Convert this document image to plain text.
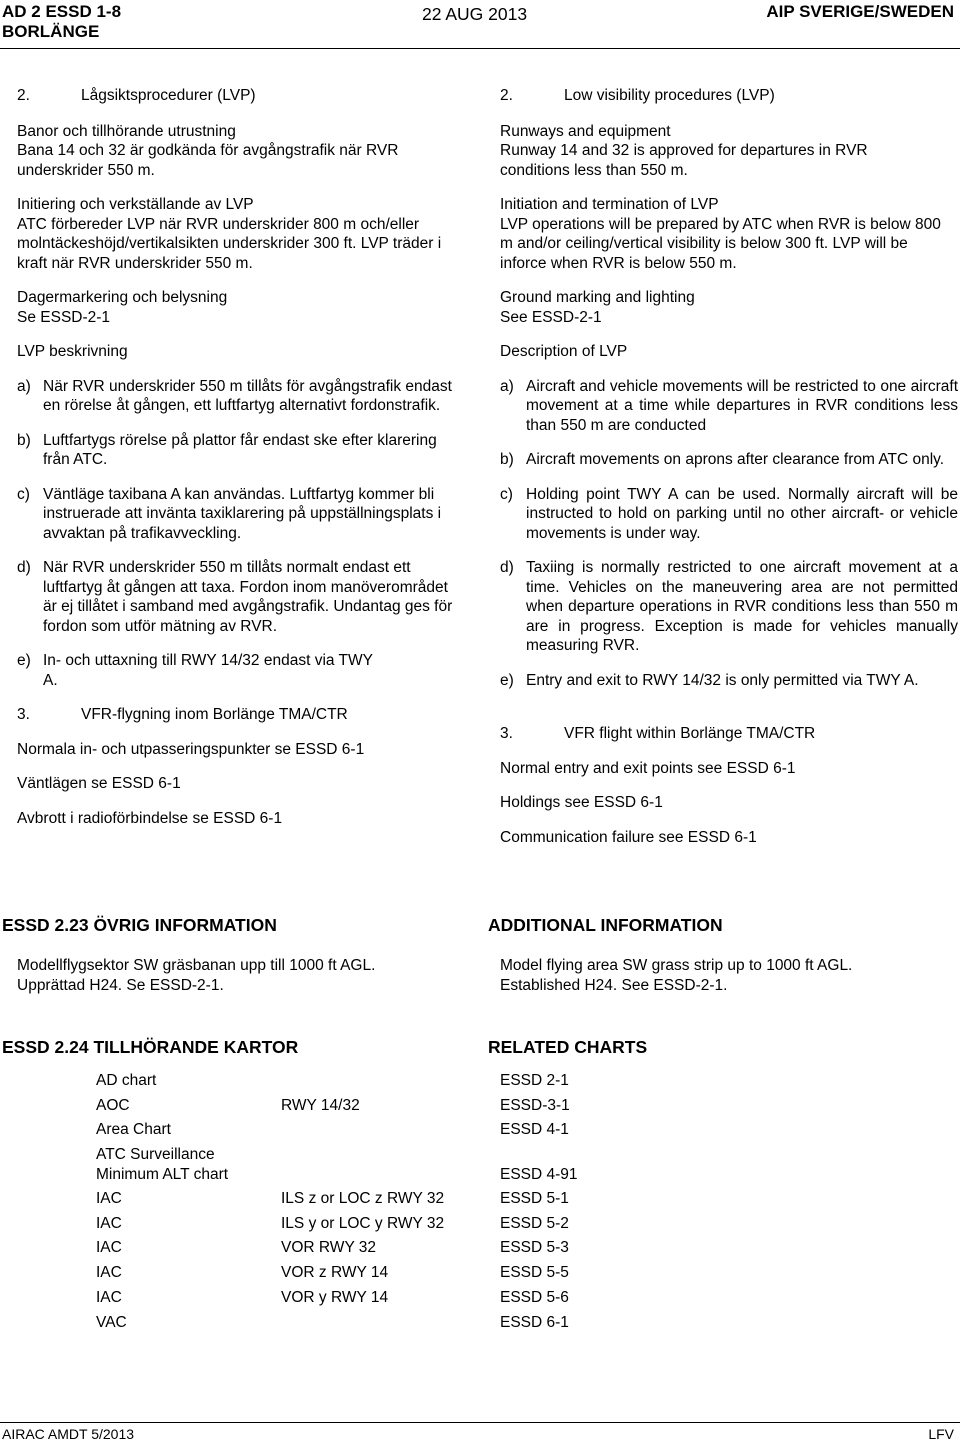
AD 2 ESSD 1-8
BORLÄNGE
22 AUG 2013	AIP SVERIGE/SWEDEN

2.	Lågsiktsprocedurer (LVP)

Banor och tillhörande utrustning

Bana 14 och 32 är godkända för avgångstrafik när RVR underskrider 550 m.

Initiering och verkställande av LVP

ATC förbereder LVP när RVR underskrider 800 m och/eller molntäckeshöjd/vertikalsikten underskrider 300 ft. LVP träder i kraft när RVR underskrider 550 m.

Dagermarkering och belysning

Se ESSD-2-1

LVP beskrivning

a) När RVR underskrider 550 m tillåts för avgångstrafik endast en rörelse åt gången, ett luftfartyg alternativt fordonstrafik.
b) Luftfartygs rörelse på plattor får endast ske efter klarering från ATC.
c) Väntläge taxibana A kan användas. Luftfartyg kommer bli instruerade att invänta taxiklarering på uppställningsplats i avvaktan på trafikavveckling.
d) När RVR underskrider 550 m tillåts normalt endast ett luftfartyg åt gången att taxa. Fordon inom manöverområdet är ej tillåtet i samband med avgångstrafik. Undantag ges för fordon som utför mätning av RVR.
e) In- och uttaxning till RWY 14/32 endast via TWY A.

3.	VFR-flygning inom Borlänge TMA/CTR

Normala in- och utpasseringspunkter se ESSD 6-1

Väntlägen se ESSD 6-1

Avbrott i radioförbindelse se ESSD 6-1

2.	Low visibility procedures (LVP)

Runways and equipment

Runway 14 and 32 is approved for departures in RVR conditions less than 550 m.

Initiation and termination of LVP

LVP operations will be prepared by ATC when RVR is below 800 m and/or ceiling/vertical visibility is below 300 ft. LVP will be inforce when RVR is below 550 m.

Ground marking and lighting

See ESSD-2-1

Description of LVP

a) Aircraft and vehicle movements will be restricted to one aircraft movement at a time while departures in RVR conditions less than 550 m are conducted
b) Aircraft movements on aprons after clearance from ATC only.
c) Holding point TWY A can be used. Normally aircraft will be instructed to hold on parking until no other aircraft- or vehicle movements is under way.
d) Taxiing is normally restricted to one aircraft movement at a time. Vehicles on the maneuvering area are not permitted when departure operations in RVR conditions less than 550 m are in progress. Exception is made for vehicles manually measuring RVR.
e) Entry and exit to RWY 14/32 is only permitted via TWY A.

3.	VFR flight within Borlänge TMA/CTR

Normal entry and exit points see ESSD 6-1

Holdings see ESSD 6-1

Communication failure see ESSD 6-1

ESSD 2.23 ÖVRIG INFORMATION	ADDITIONAL INFORMATION
Modellflygsektor SW gräsbanan upp till 1000 ft AGL.
Upprättad H24. Se ESSD-2-1.
Model flying area SW grass strip up to 1000 ft AGL.
Established H24. See ESSD-2-1.
ESSD 2.24 TILLHÖRANDE KARTOR	RELATED CHARTS
AD chart	ESSD 2-1
AOC	RWY 14/32	ESSD-3-1
Area Chart	ESSD 4-1
ATC Surveillance
Minimum ALT chart	ESSD 4-91
IAC	ILS z or LOC z RWY 32	ESSD 5-1
IAC	ILS y or LOC y RWY 32	ESSD 5-2
IAC	VOR RWY 32	ESSD 5-3
IAC	VOR z RWY 14	ESSD 5-5
IAC	VOR y RWY 14	ESSD 5-6
VAC	ESSD 6-1
AIRAC AMDT 5/2013	LFV
